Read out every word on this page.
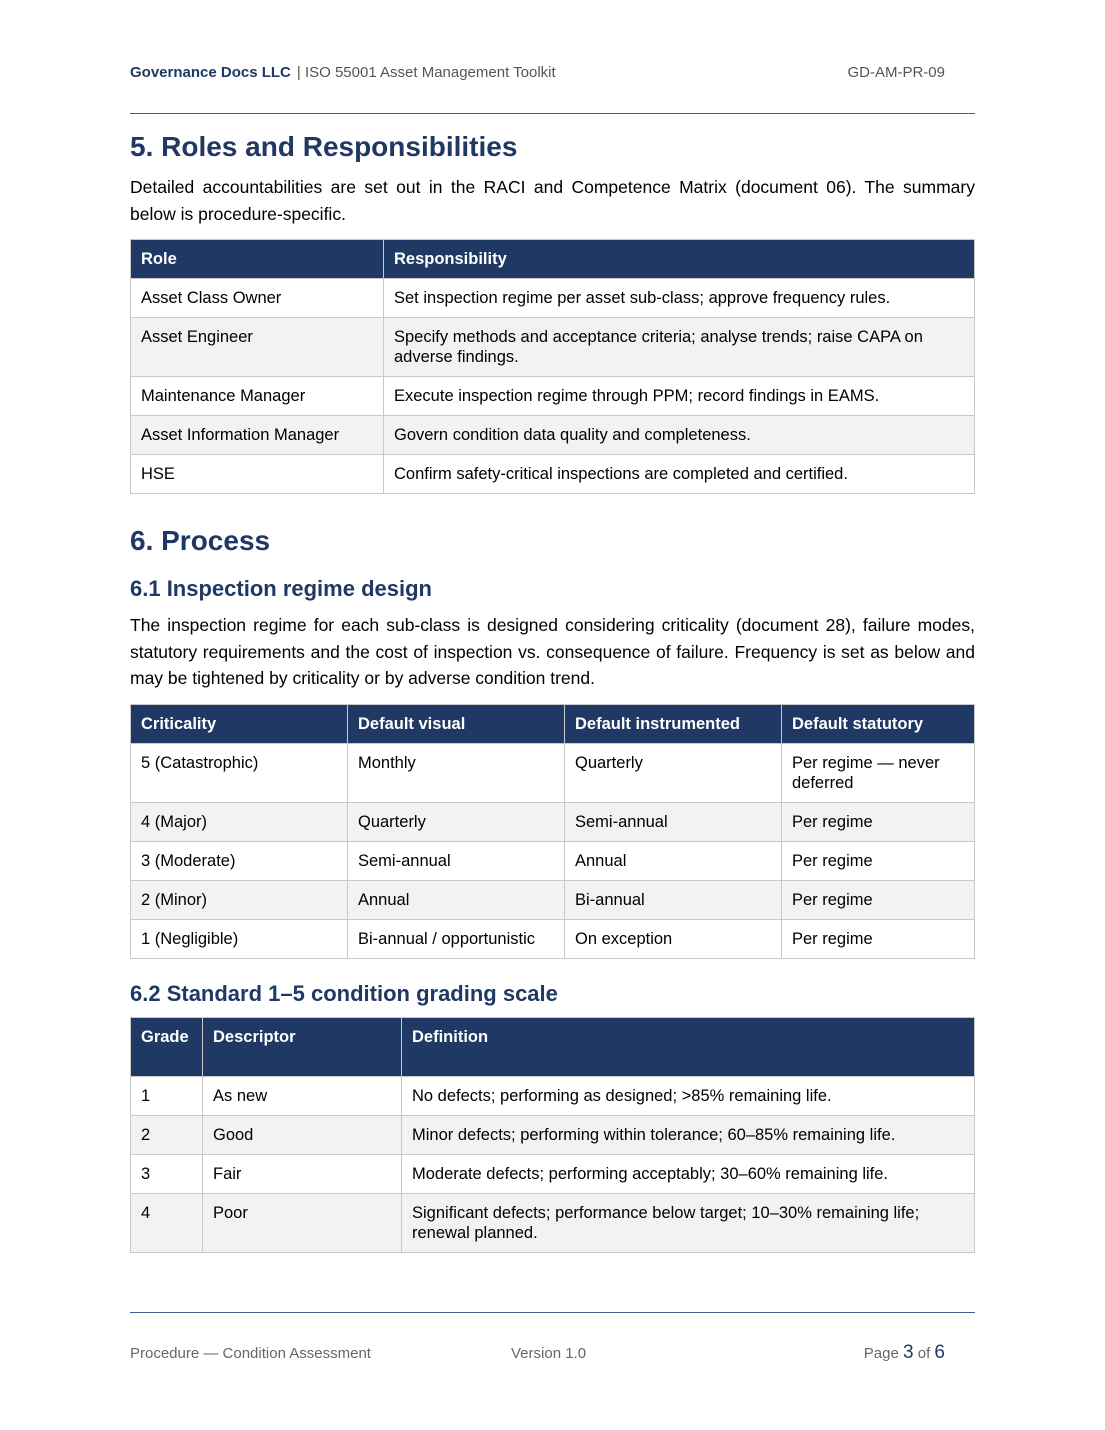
Governance Docs LLC | ISO 55001 Asset Management Toolkit	GD-AM-PR-09
5. Roles and Responsibilities

Detailed accountabilities are set out in the RACI and Competence Matrix (document 06). The summary below is procedure-specific.

Role	Responsibility
Asset Class Owner	Set inspection regime per asset sub-class; approve frequency rules.
Asset Engineer	Specify methods and acceptance criteria; analyse trends; raise CAPA on adverse findings.
Maintenance Manager	Execute inspection regime through PPM; record findings in EAMS.
Asset Information Manager	Govern condition data quality and completeness.
HSE	Confirm safety-critical inspections are completed and certified.
6. Process
6.1 Inspection regime design

The inspection regime for each sub-class is designed considering criticality (document 28), failure modes, statutory requirements and the cost of inspection vs. consequence of failure. Frequency is set as below and may be tightened by criticality or by adverse condition trend.

Criticality	Default visual	Default instrumented	Default statutory
5 (Catastrophic)	Monthly	Quarterly	Per regime — never deferred
4 (Major)	Quarterly	Semi-annual	Per regime
3 (Moderate)	Semi-annual	Annual	Per regime
2 (Minor)	Annual	Bi-annual	Per regime
1 (Negligible)	Bi-annual / opportunistic	On exception	Per regime
6.2 Standard 1–5 condition grading scale
Grade	Descriptor	Definition
1	As new	No defects; performing as designed; >85% remaining life.
2	Good	Minor defects; performing within tolerance; 60–85% remaining life.
3	Fair	Moderate defects; performing acceptably; 30–60% remaining life.
4	Poor	Significant defects; performance below target; 10–30% remaining life; renewal planned.
Procedure — Condition Assessment	Version 1.0	Page 3 of 6
